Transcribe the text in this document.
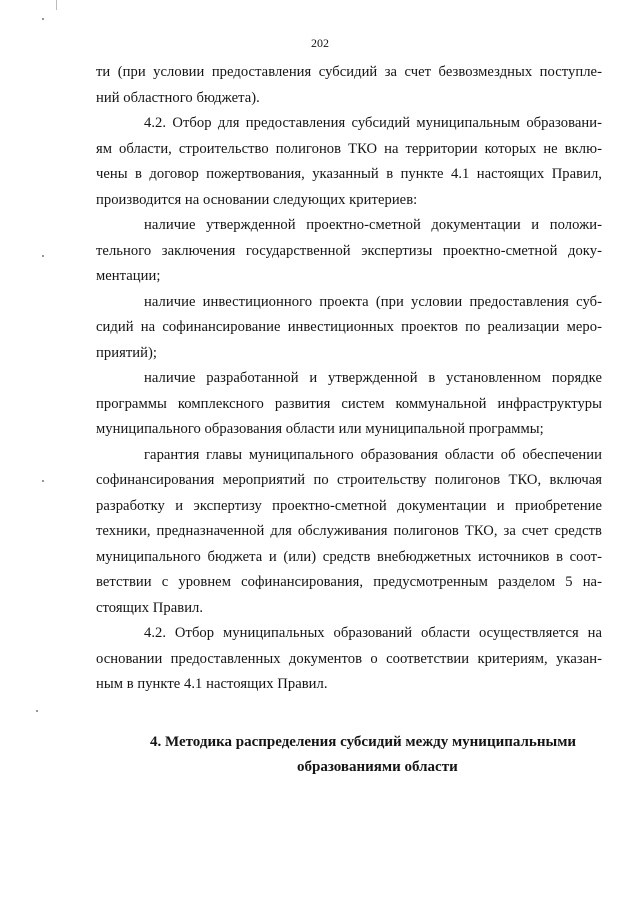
202
ти (при условии предоставления субсидий за счет безвозмездных поступле-
ний областного бюджета).
4.2. Отбор для предоставления субсидий муниципальным образовани-
ям области, строительство полигонов ТКО на территории которых не вклю-
чены в договор пожертвования, указанный в пункте 4.1 настоящих Правил,
производится на основании следующих критериев:
наличие утвержденной проектно-сметной документации и положи-
тельного заключения государственной экспертизы проектно-сметной доку-
ментации;
наличие инвестиционного проекта (при условии предоставления суб-
сидий на софинансирование инвестиционных проектов по реализации меро-
приятий);
наличие разработанной и утвержденной в установленном порядке
программы комплексного развития систем коммунальной инфраструктуры
муниципального образования области или муниципальной программы;
гарантия главы муниципального образования области об обеспечении
софинансирования мероприятий по строительству полигонов ТКО, включая
разработку и экспертизу проектно-сметной документации и приобретение
техники, предназначенной для обслуживания полигонов ТКО, за счет средств
муниципального бюджета и (или) средств внебюджетных источников в соот-
ветствии с уровнем софинансирования, предусмотренным разделом 5 на-
стоящих Правил.
4.2. Отбор муниципальных образований области осуществляется на
основании предоставленных документов о соответствии критериям, указан-
ным в пункте 4.1 настоящих Правил.
4. Методика распределения субсидий между муниципальными
образованиями области
